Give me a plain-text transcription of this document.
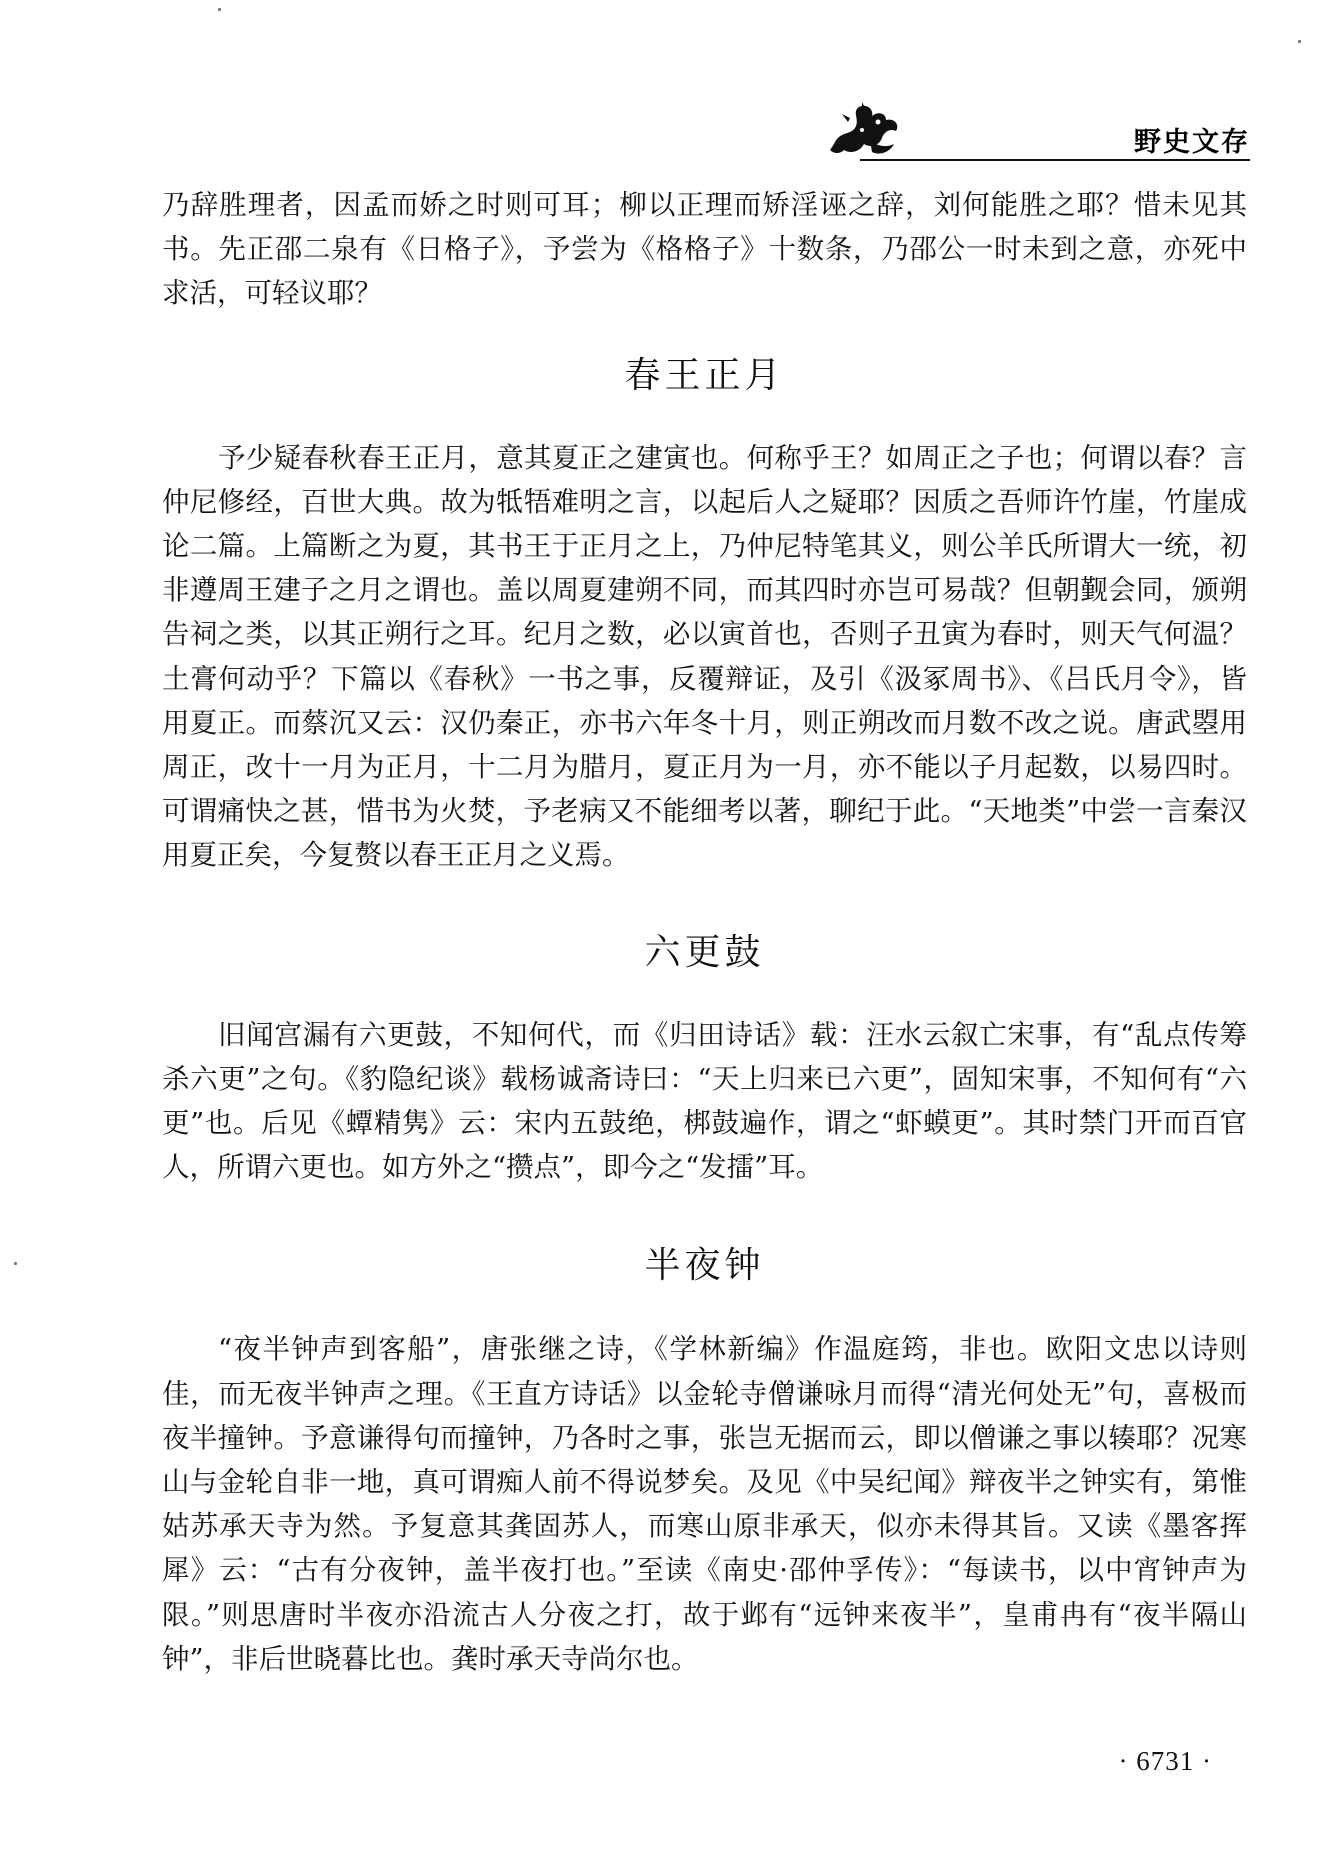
野史文存

乃辞胜理者，因孟而娇之时则可耳；柳以正理而矫淫诬之辞，刘何能胜之耶？惜未见其书。先正邵二泉有《日格子》，予尝为《格格子》十数条，乃邵公一时未到之意，亦死中求活，可轻议耶？

春王正月

予少疑春秋春王正月，意其夏正之建寅也。何称乎王？如周正之子也；何谓以春？言仲尼修经，百世大典。故为牴牾难明之言，以起后人之疑耶？因质之吾师许竹崖，竹崖成论二篇。上篇断之为夏，其书王于正月之上，乃仲尼特笔其义，则公羊氏所谓大一统，初非遵周王建子之月之谓也。盖以周夏建朔不同，而其四时亦岂可易哉？但朝觐会同，颁朔告祠之类，以其正朔行之耳。纪月之数，必以寅首也，否则子丑寅为春时，则天气何温？土膏何动乎？下篇以《春秋》一书之事，反覆辩证，及引《汲冢周书》、《吕氏月令》，皆用夏正。而蔡沉又云：汉仍秦正，亦书六年冬十月，则正朔改而月数不改之说。唐武曌用周正，改十一月为正月，十二月为腊月，夏正月为一月，亦不能以子月起数，以易四时。可谓痛快之甚，惜书为火焚，予老病又不能细考以著，聊纪于此。“天地类”中尝一言秦汉用夏正矣，今复赘以春王正月之义焉。

六更鼓

旧闻宫漏有六更鼓，不知何代，而《归田诗话》载：汪水云叙亡宋事，有“乱点传筹杀六更”之句。《豹隐纪谈》载杨诚斋诗曰：“天上归来已六更”，固知宋事，不知何有“六更”也。后见《蟫精隽》云：宋内五鼓绝，梆鼓遍作，谓之“虾蟆更”。其时禁门开而百官人，所谓六更也。如方外之“攒点”，即今之“发擂”耳。

半夜钟

“夜半钟声到客船”，唐张继之诗，《学林新编》作温庭筠，非也。欧阳文忠以诗则佳，而无夜半钟声之理。《王直方诗话》以金轮寺僧谦咏月而得“清光何处无”句，喜极而夜半撞钟。予意谦得句而撞钟，乃各时之事，张岂无据而云，即以僧谦之事以辏耶？况寒山与金轮自非一地，真可谓痴人前不得说梦矣。及见《中吴纪闻》辩夜半之钟实有，第惟姑苏承天寺为然。予复意其龚固苏人，而寒山原非承天，似亦未得其旨。又读《墨客挥犀》云：“古有分夜钟，盖半夜打也。”至读《南史·邵仲孚传》：“每读书，以中宵钟声为限。”则思唐时半夜亦沿流古人分夜之打，故于邺有“远钟来夜半”，皇甫冉有“夜半隔山钟”，非后世晓暮比也。龚时承天寺尚尔也。

· 6731 ·
